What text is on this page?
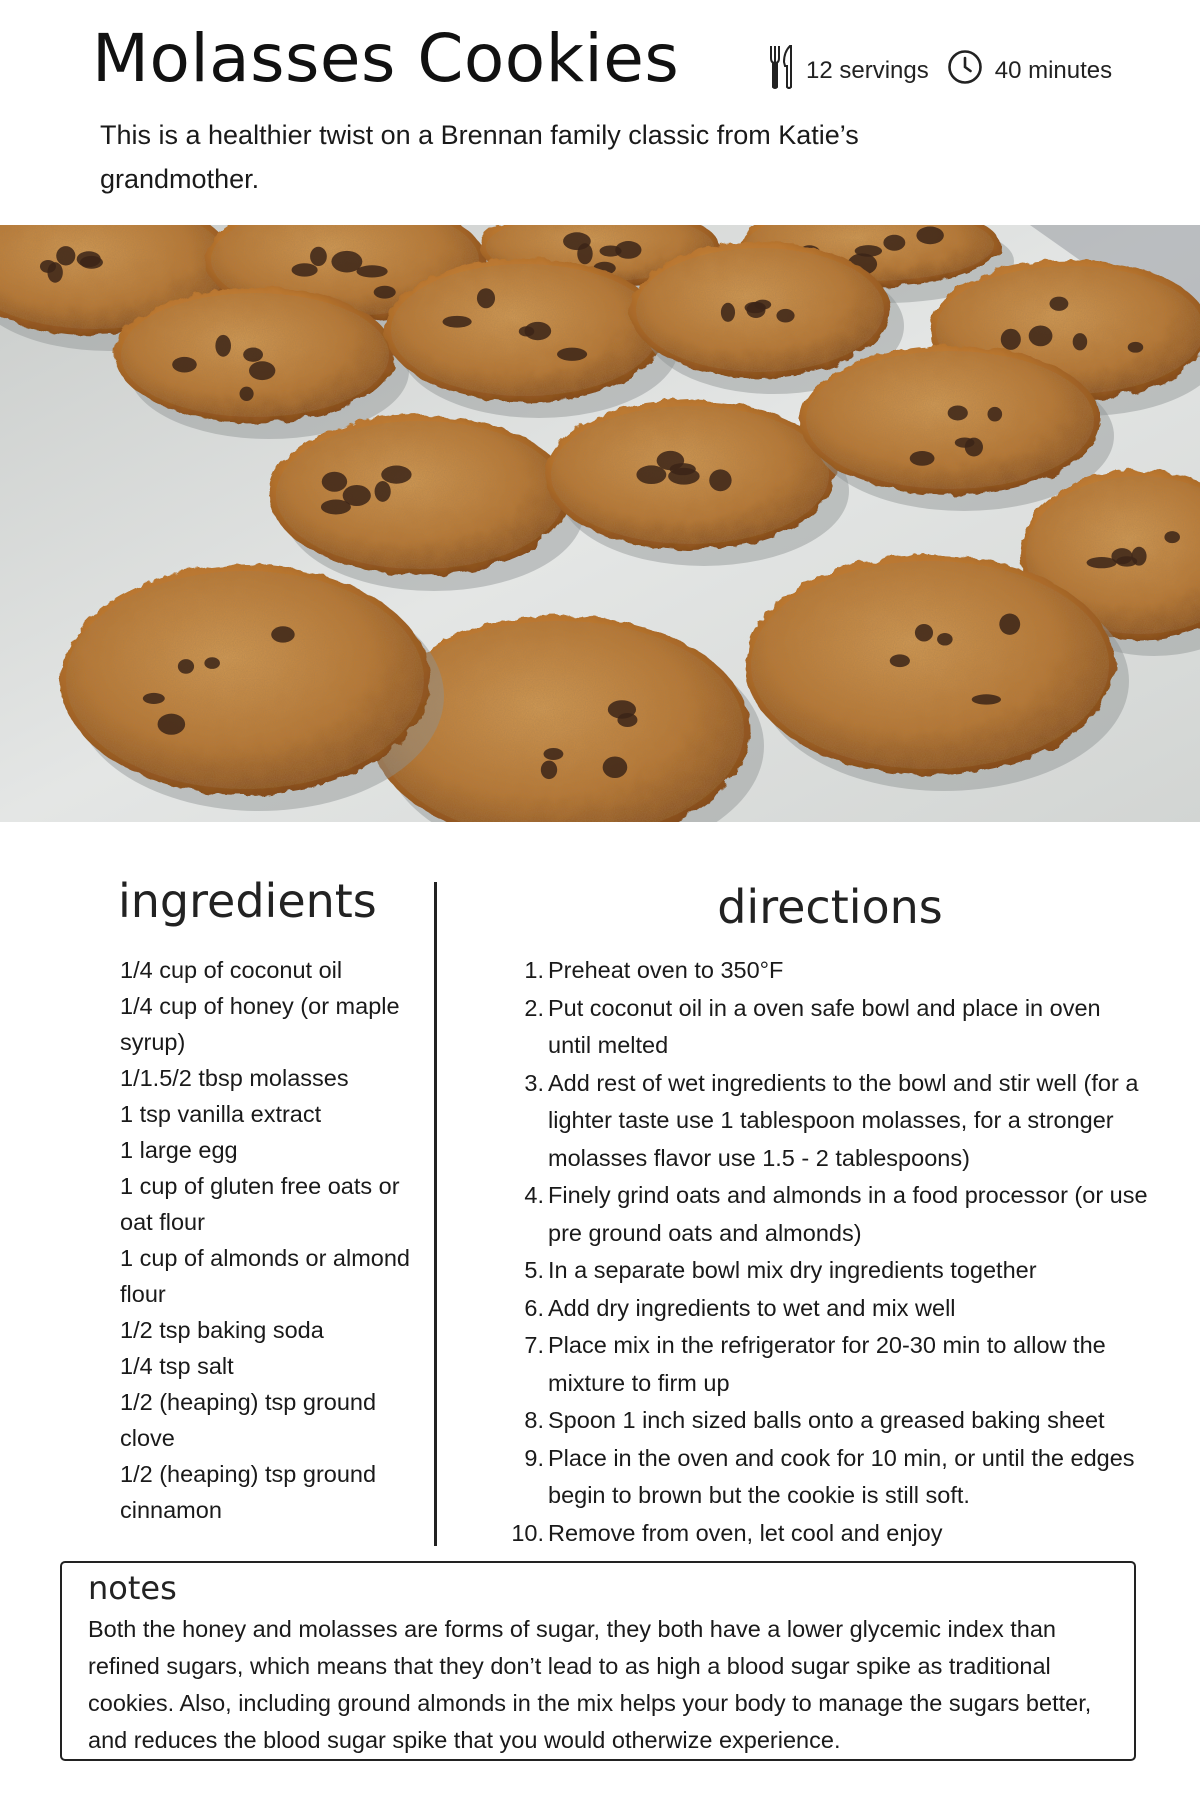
Molasses Cookies	12 servings	40 minutes

This is a healthier twist on a Brennan family classic from Katie’s grandmother.

ingredients	directions
1/4 cup of coconut oil
1/4 cup of honey (or maple syrup)
1/1.5/2 tbsp molasses
1 tsp vanilla extract
1 large egg
1 cup of gluten free oats or oat flour
1 cup of almonds or almond flour
1/2 tsp baking soda
1/4 tsp salt
1/2 (heaping) tsp ground clove
1/2 (heaping) tsp ground cinnamon
1. Preheat oven to 350°F
2. Put coconut oil in a oven safe bowl and place in oven until melted
3. Add rest of wet ingredients to the bowl and stir well (for a lighter taste use 1 tablespoon molasses, for a stronger molasses flavor use 1.5 - 2 tablespoons)
4. Finely grind oats and almonds in a food processor (or use pre ground oats and almonds)
5. In a separate bowl mix dry ingredients together
6. Add dry ingredients to wet and mix well
7. Place mix in the refrigerator for 20-30 min to allow the mixture to firm up
8. Spoon 1 inch sized balls onto a greased baking sheet
9. Place in the oven and cook for 10 min, or until the edges begin to brown but the cookie is still soft.
10. Remove from oven, let cool and enjoy
notes

Both the honey and molasses are forms of sugar, they both have a lower glycemic index than refined sugars, which means that they don’t lead to as high a blood sugar spike as traditional cookies. Also, including ground almonds in the mix helps your body to manage the sugars better, and reduces the blood sugar spike that you would otherwize experience.
